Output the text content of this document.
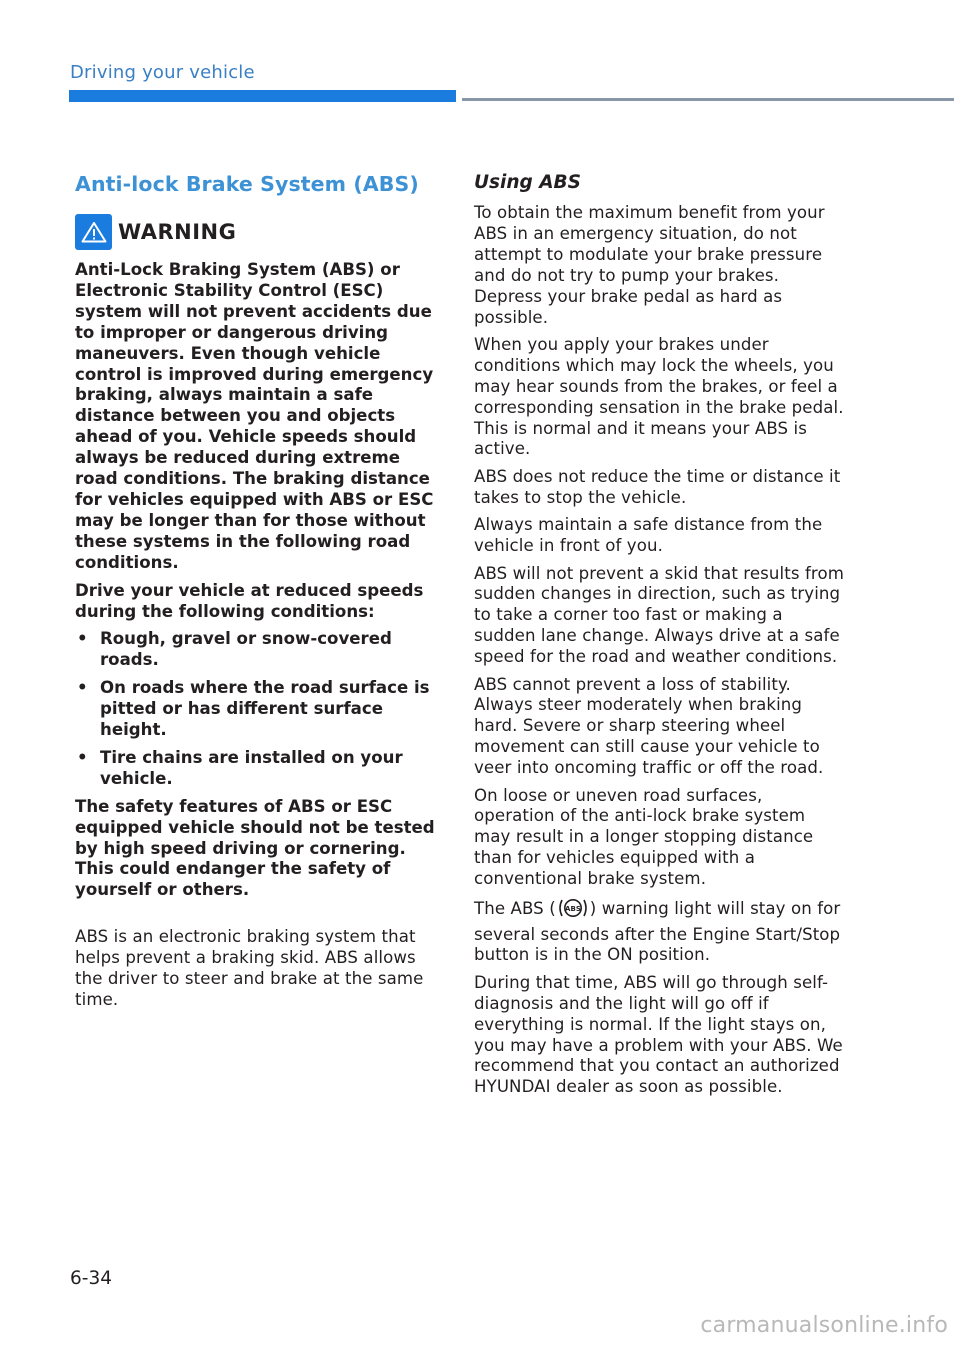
Driving your vehicle
Anti-lock Brake System (ABS)
WARNING

Anti-Lock Braking System (ABS) or Electronic Stability Control (ESC) system will not prevent accidents due to improper or dangerous driving maneuvers. Even though vehicle control is improved during emergency braking, always maintain a safe distance between you and objects ahead of you. Vehicle speeds should always be reduced during extreme road conditions. The braking distance for vehicles equipped with ABS or ESC may be longer than for those without these systems in the following road conditions.

Drive your vehicle at reduced speeds during the following conditions:

• Rough, gravel or snow-covered roads.
• On roads where the road surface is pitted or has different surface height.
• Tire chains are installed on your vehicle.

The safety features of ABS or ESC equipped vehicle should not be tested by high speed driving or cornering. This could endanger the safety of yourself or others.

ABS is an electronic braking system that helps prevent a braking skid. ABS allows the driver to steer and brake at the same time.

Using ABS

To obtain the maximum benefit from your ABS in an emergency situation, do not attempt to modulate your brake pressure and do not try to pump your brakes. Depress your brake pedal as hard as possible.

When you apply your brakes under conditions which may lock the wheels, you may hear sounds from the brakes, or feel a corresponding sensation in the brake pedal. This is normal and it means your ABS is active.

ABS does not reduce the time or distance it takes to stop the vehicle.

Always maintain a safe distance from the vehicle in front of you.

ABS will not prevent a skid that results from sudden changes in direction, such as trying to take a corner too fast or making a sudden lane change. Always drive at a safe speed for the road and weather conditions.

ABS cannot prevent a loss of stability. Always steer moderately when braking hard. Severe or sharp steering wheel movement can still cause your vehicle to veer into oncoming traffic or off the road.

On loose or uneven road surfaces, operation of the anti-lock brake system may result in a longer stopping distance than for vehicles equipped with a conventional brake system.

The ABS ( ABS ) warning light will stay on for several seconds after the Engine Start/Stop button is in the ON position.

During that time, ABS will go through self-diagnosis and the light will go off if everything is normal. If the light stays on, you may have a problem with your ABS. We recommend that you contact an authorized HYUNDAI dealer as soon as possible.

6-34
carmanualsonline.info
